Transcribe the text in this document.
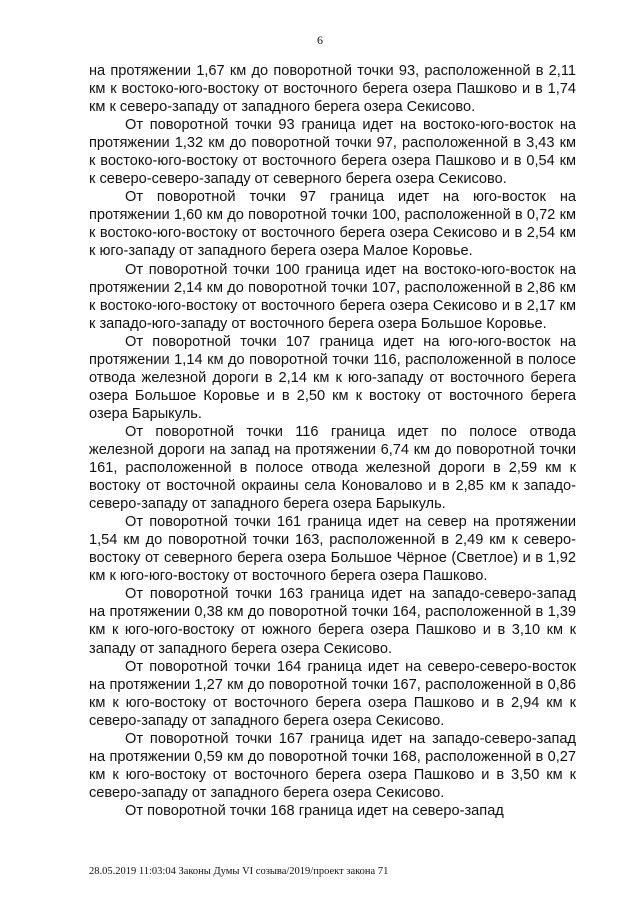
6

на протяжении 1,67 км до поворотной точки 93, расположенной в 2,11 км к востоко-юго-востоку от восточного берега озера Пашково и в 1,74 км к северо-западу от западного берега озера Секисово.

От поворотной точки 93 граница идет на востоко-юго-восток на протяжении 1,32 км до поворотной точки 97, расположенной в 3,43 км к востоко-юго-востоку от восточного берега озера Пашково и в 0,54 км к северо-северо-западу от северного берега озера Секисово.

От поворотной точки 97 граница идет на юго-восток на протяжении 1,60 км до поворотной точки 100, расположенной в 0,72 км к востоко-юго-востоку от восточного берега озера Секисово и в 2,54 км к юго-западу от западного берега озера Малое Коровье.

От поворотной точки 100 граница идет на востоко-юго-восток на протяжении 2,14 км до поворотной точки 107, расположенной в 2,86 км к востоко-юго-востоку от восточного берега озера Секисово и в 2,17 км к западо-юго-западу от восточного берега озера Большое Коровье.

От поворотной точки 107 граница идет на юго-юго-восток на протяжении 1,14 км до поворотной точки 116, расположенной в полосе отвода железной дороги в 2,14 км к юго-западу от восточного берега озера Большое Коровье и в 2,50 км к востоку от восточного берега озера Барыкуль.

От поворотной точки 116 граница идет по полосе отвода железной дороги на запад на протяжении 6,74 км до поворотной точки 161, расположенной в полосе отвода железной дороги в 2,59 км к востоку от восточной окраины села Коновалово и в 2,85 км к западо-северо-западу от западного берега озера Барыкуль.

От поворотной точки 161 граница идет на север на протяжении 1,54 км до поворотной точки 163, расположенной в 2,49 км к северо-востоку от северного берега озера Большое Чёрное (Светлое) и в 1,92 км к юго-юго-востоку от восточного берега озера Пашково.

От поворотной точки 163 граница идет на западо-северо-запад на протяжении 0,38 км до поворотной точки 164, расположенной в 1,39 км к юго-юго-востоку от южного берега озера Пашково и в 3,10 км к западу от западного берега озера Секисово.

От поворотной точки 164 граница идет на северо-северо-восток на протяжении 1,27 км до поворотной точки 167, расположенной в 0,86 км к юго-востоку от восточного берега озера Пашково и в 2,94 км к северо-западу от западного берега озера Секисово.

От поворотной точки 167 граница идет на западо-северо-запад на протяжении 0,59 км до поворотной точки 168, расположенной в 0,27 км к юго-востоку от восточного берега озера Пашково и в 3,50 км к северо-западу от западного берега озера Секисово.

От поворотной точки 168 граница идет на северо-запад

28.05.2019 11:03:04 Законы Думы VI созыва/2019/проект закона 71
